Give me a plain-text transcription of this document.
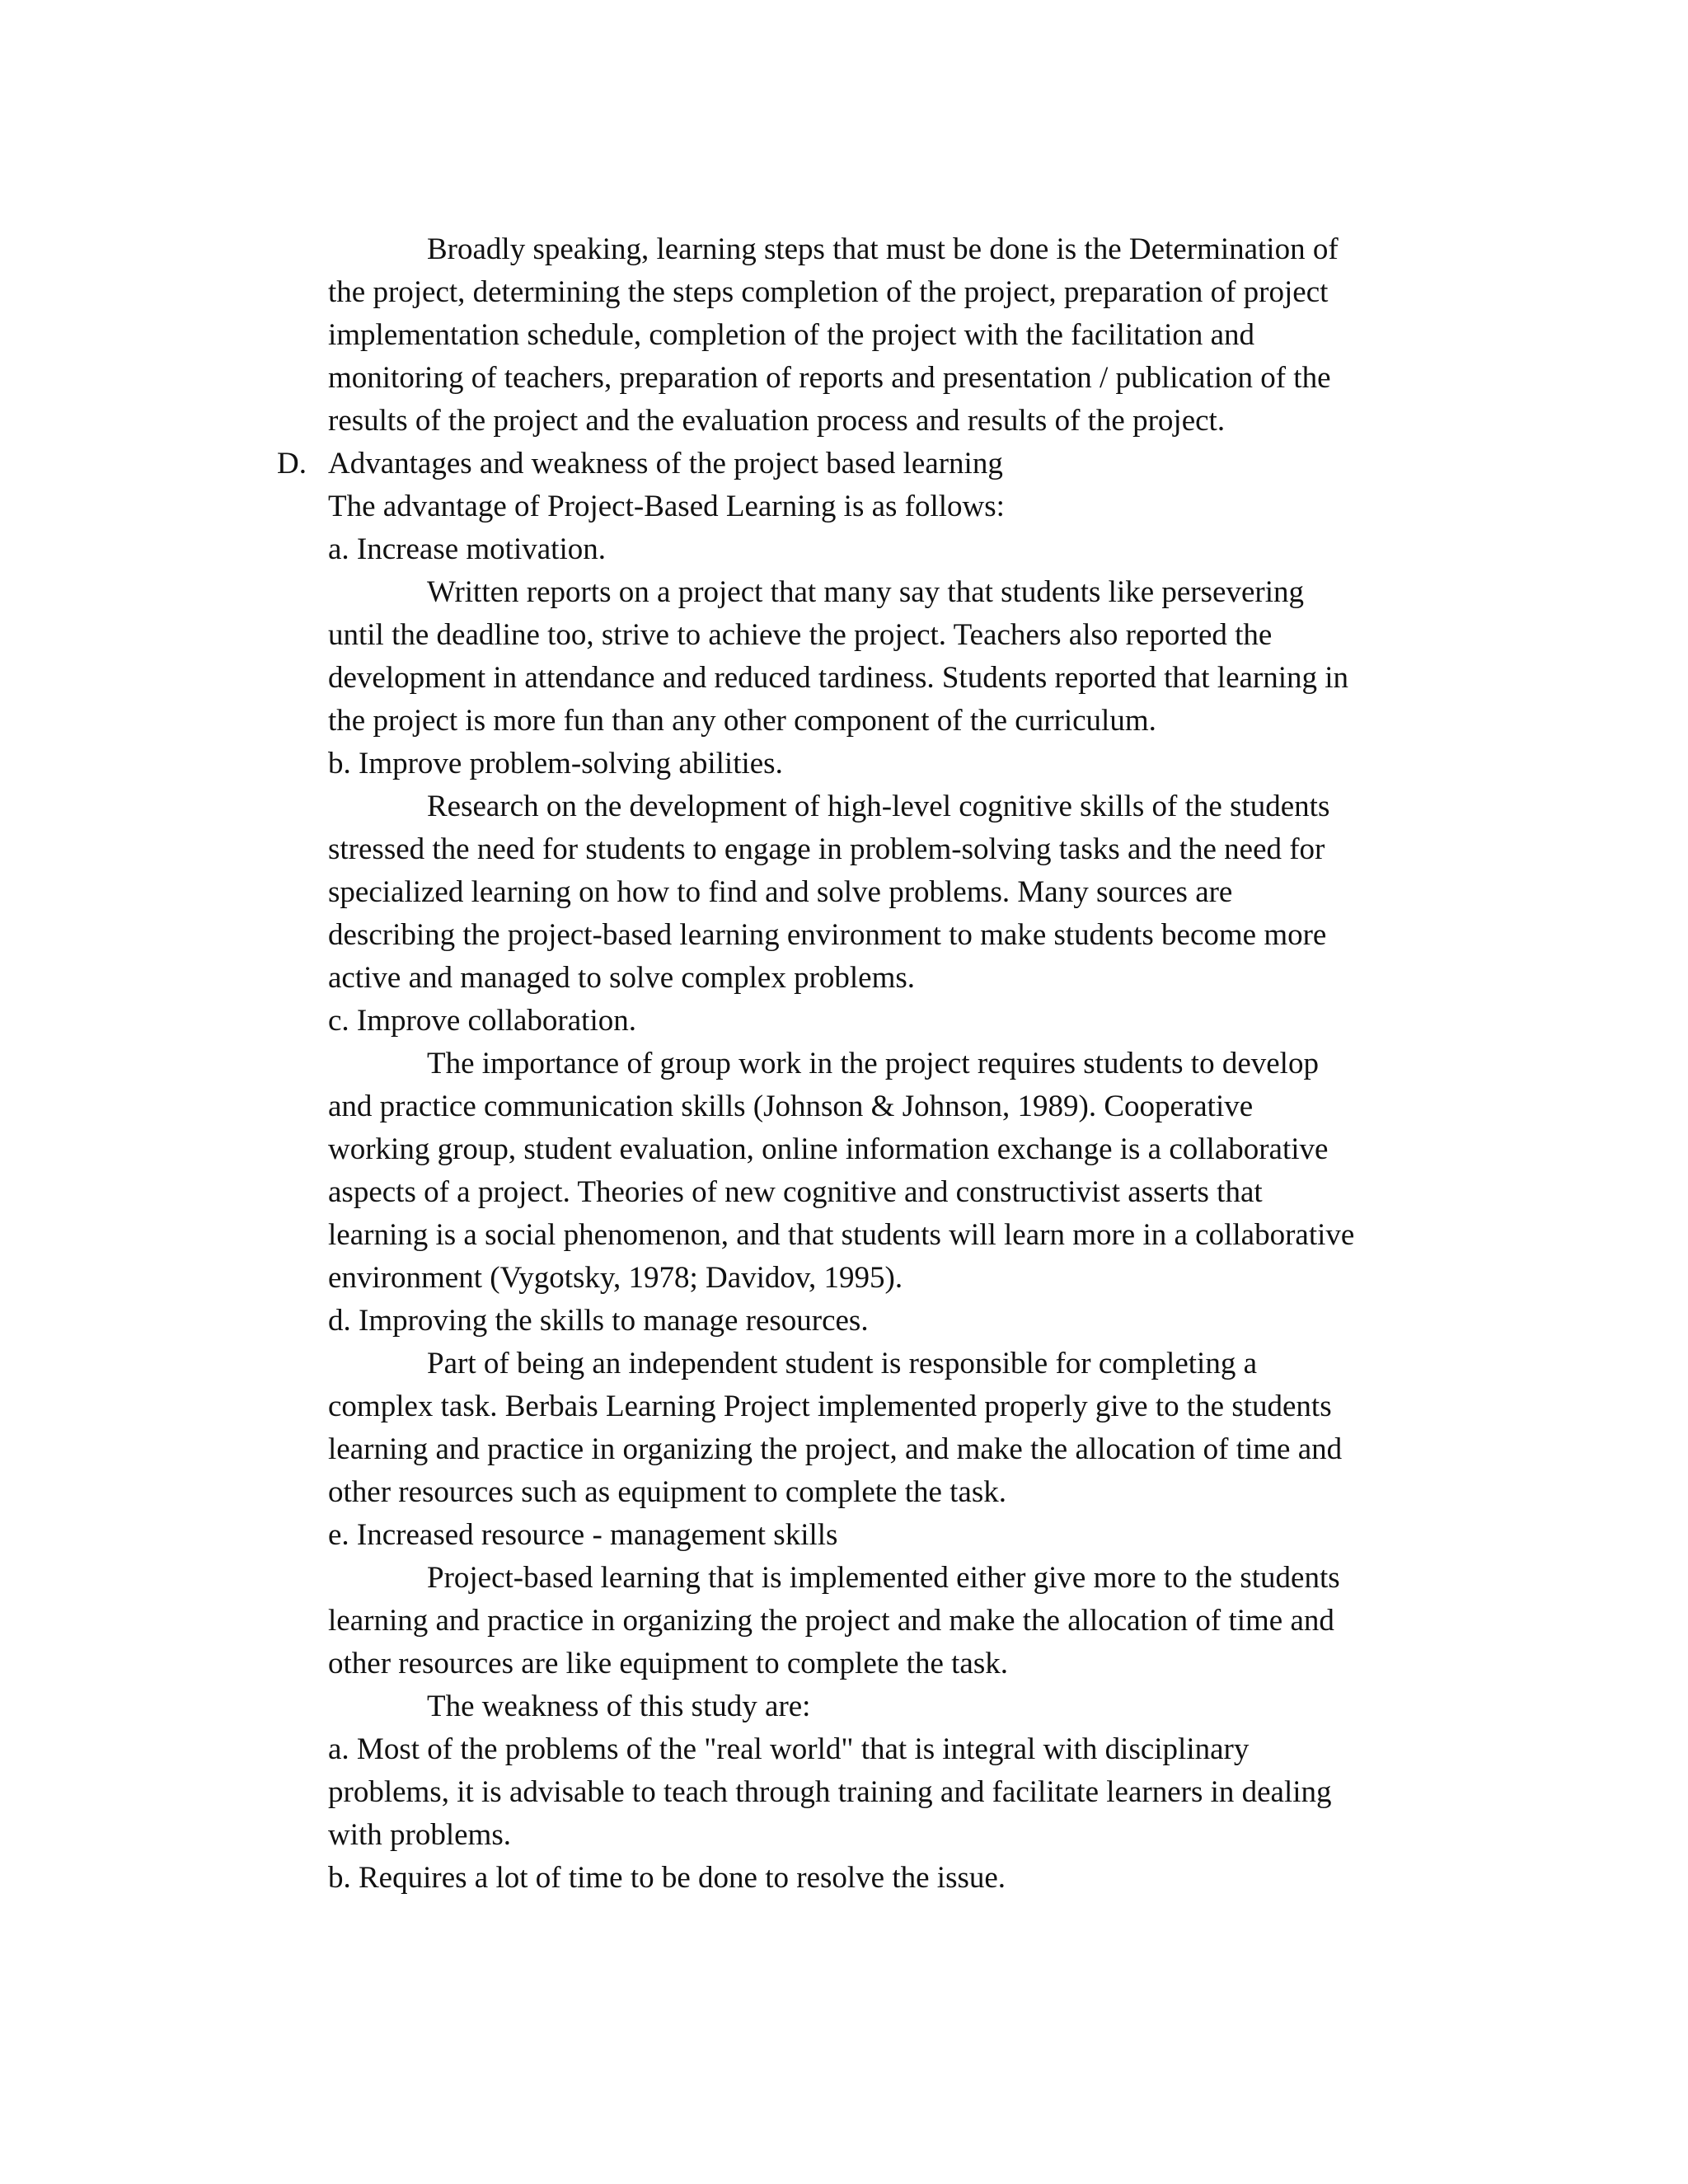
Broadly speaking, learning steps that must be done is the Determination of
the project, determining the steps completion of the project, preparation of project
implementation schedule, completion of the project with the facilitation and
monitoring of teachers, preparation of reports and presentation / publication of the
results of the project and the evaluation process and results of the project.
D. Advantages and weakness of the project based learning
The advantage of Project-Based Learning is as follows:
a. Increase motivation.
Written reports on a project that many say that students like persevering
until the deadline too, strive to achieve the project. Teachers also reported the
development in attendance and reduced tardiness. Students reported that learning in
the project is more fun than any other component of the curriculum.
b. Improve problem-solving abilities.
Research on the development of high-level cognitive skills of the students
stressed the need for students to engage in problem-solving tasks and the need for
specialized learning on how to find and solve problems. Many sources are
describing the project-based learning environment to make students become more
active and managed to solve complex problems.
c. Improve collaboration.
The importance of group work in the project requires students to develop
and practice communication skills (Johnson & Johnson, 1989). Cooperative
working group, student evaluation, online information exchange is a collaborative
aspects of a project. Theories of new cognitive and constructivist asserts that
learning is a social phenomenon, and that students will learn more in a collaborative
environment (Vygotsky, 1978; Davidov, 1995).
d. Improving the skills to manage resources.
Part of being an independent student is responsible for completing a
complex task. Berbais Learning Project implemented properly give to the students
learning and practice in organizing the project, and make the allocation of time and
other resources such as equipment to complete the task.
e. Increased resource - management skills
Project-based learning that is implemented either give more to the students
learning and practice in organizing the project and make the allocation of time and
other resources are like equipment to complete the task.
The weakness of this study are:
a. Most of the problems of the "real world" that is integral with disciplinary
problems, it is advisable to teach through training and facilitate learners in dealing
with problems.
b. Requires a lot of time to be done to resolve the issue.
